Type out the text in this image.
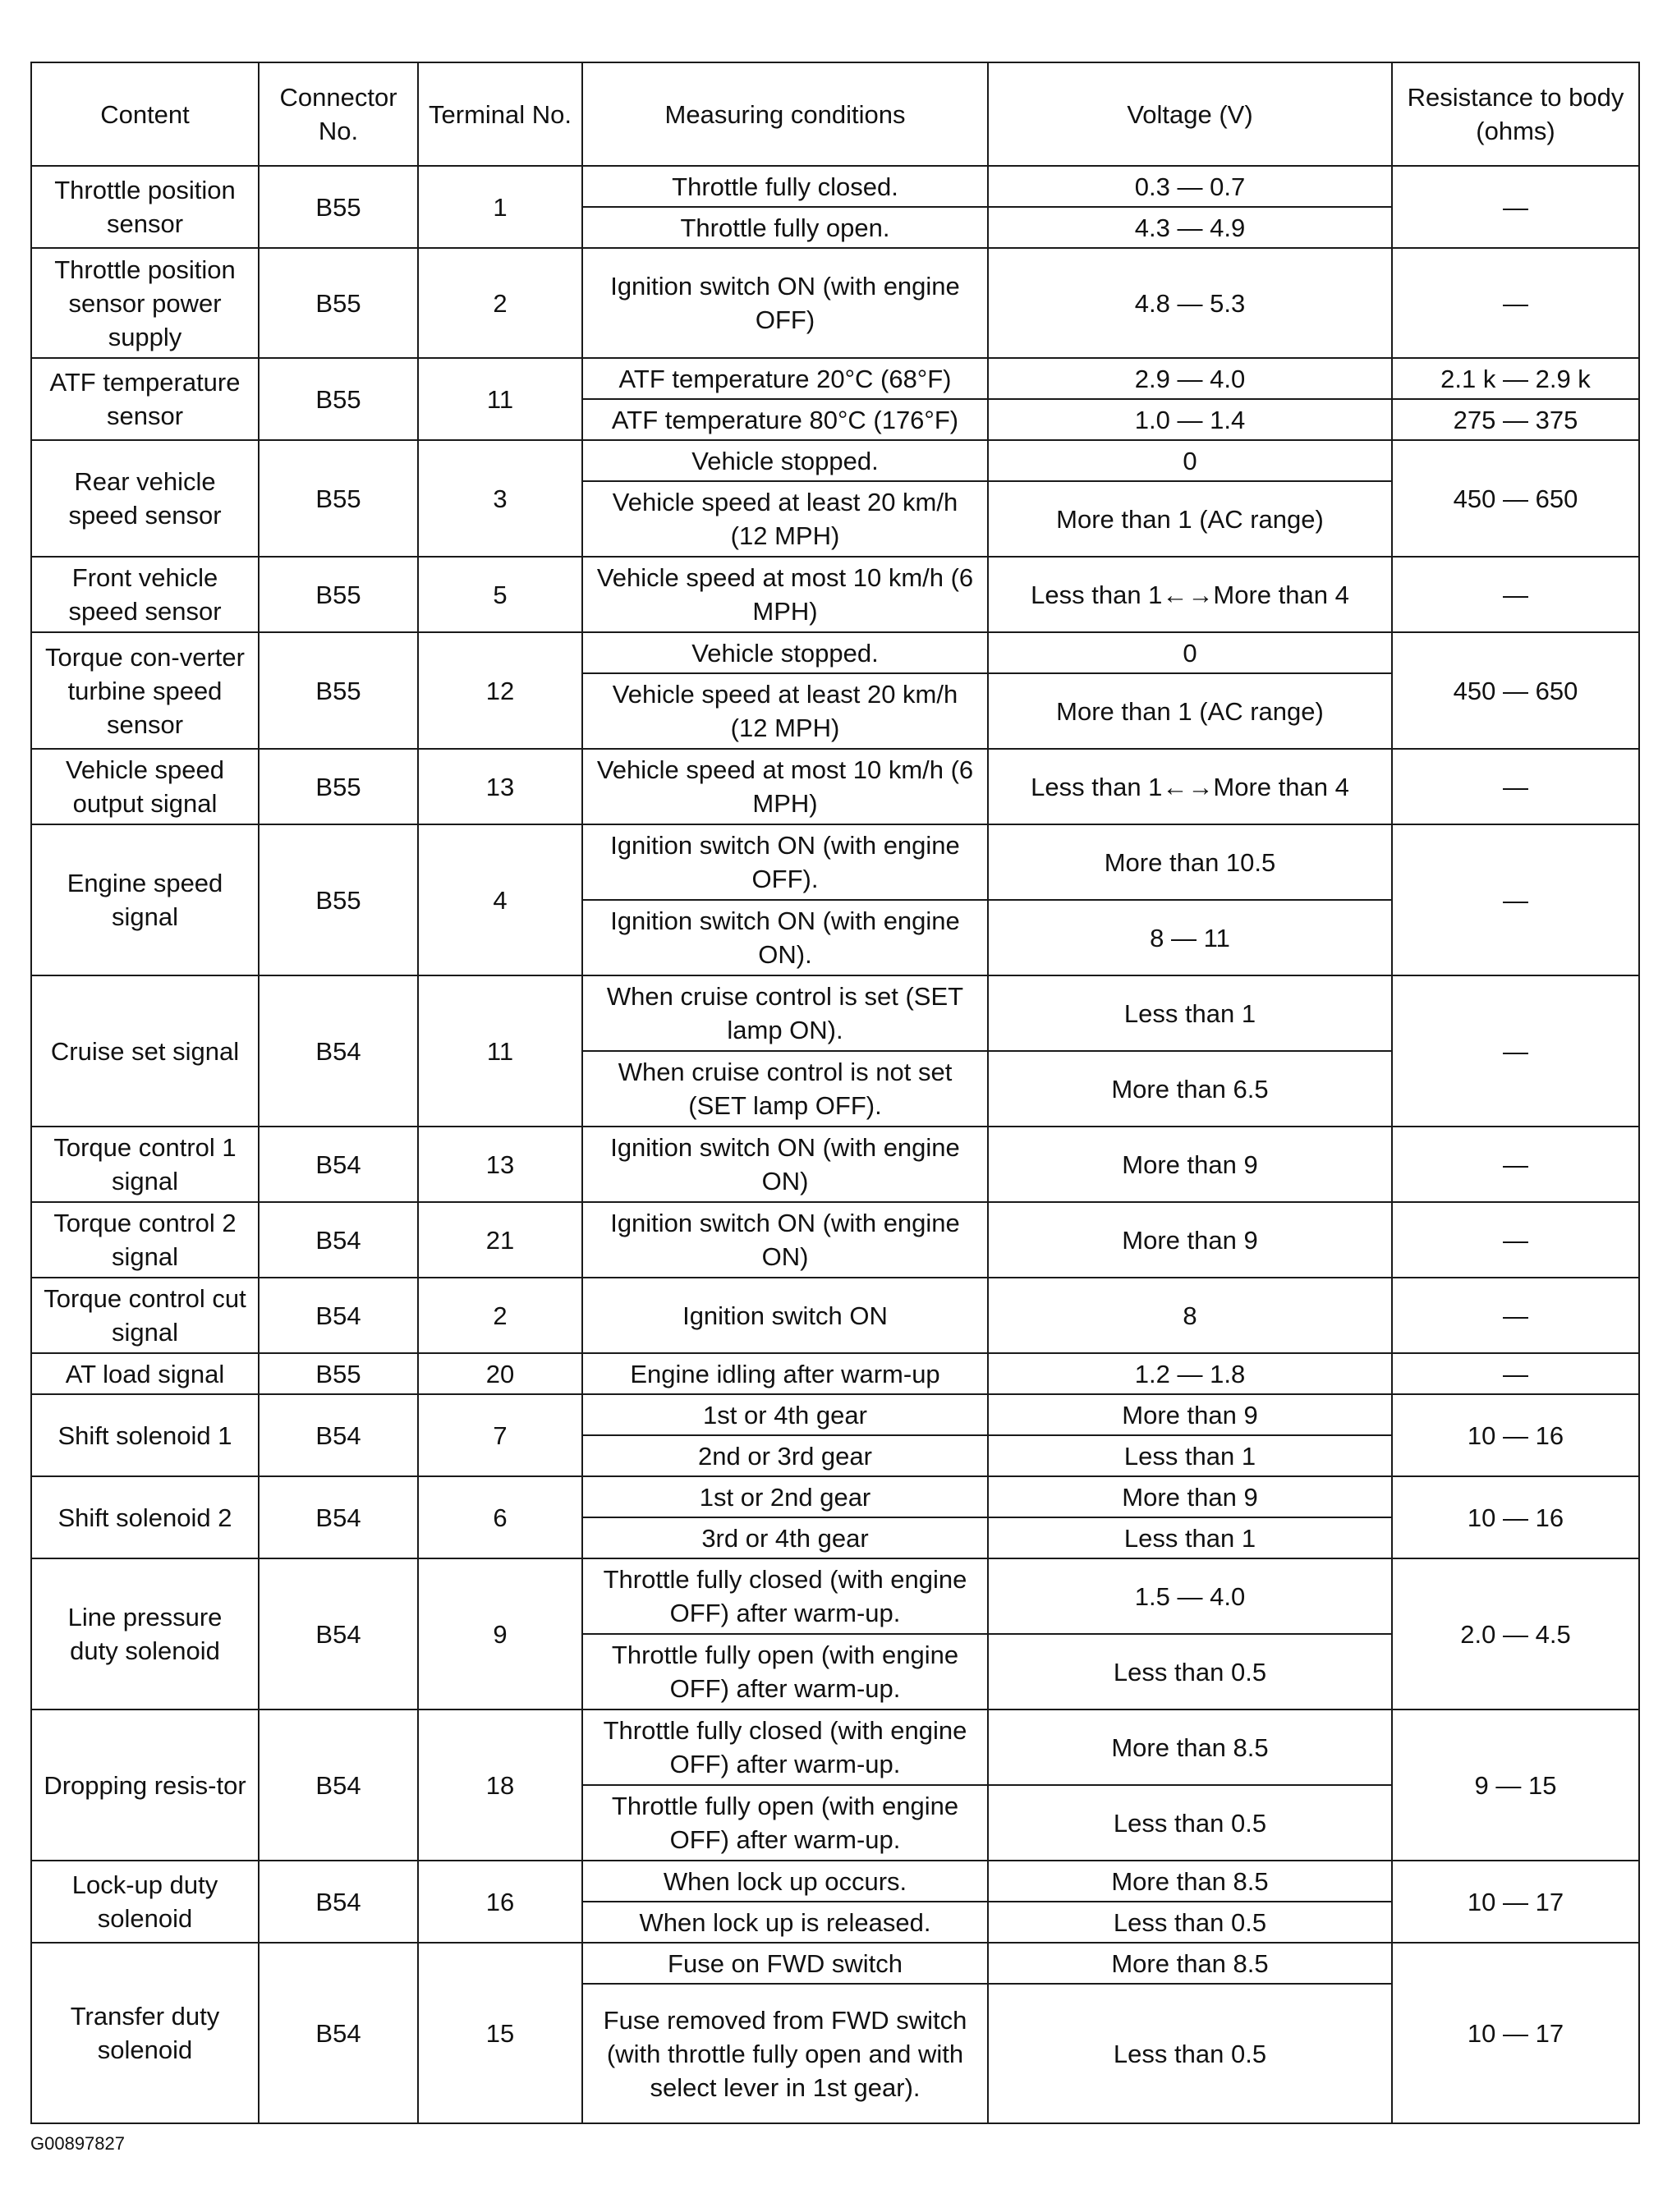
Content	Connector No.	Terminal No.	Measuring conditions	Voltage (V)	Resistance to body (ohms)
Throttle position sensor	B55	1	Throttle fully closed.	0.3 — 0.7	—
			Throttle fully open.	4.3 — 4.9	
Throttle position sensor power supply	B55	2	Ignition switch ON (with engine OFF)	4.8 — 5.3	—
ATF temperature sensor	B55	11	ATF temperature 20°C (68°F)	2.9 — 4.0	2.1 k — 2.9 k
			ATF temperature 80°C (176°F)	1.0 — 1.4	275 — 375
Rear vehicle speed sensor	B55	3	Vehicle stopped.	0	450 — 650
			Vehicle speed at least 20 km/h (12 MPH)	More than 1 (AC range)	
Front vehicle speed sensor	B55	5	Vehicle speed at most 10 km/h (6 MPH)	Less than 1←→More than 4	—
Torque con-verter turbine speed sensor	B55	12	Vehicle stopped.	0	450 — 650
			Vehicle speed at least 20 km/h (12 MPH)	More than 1 (AC range)	
Vehicle speed output signal	B55	13	Vehicle speed at most 10 km/h (6 MPH)	Less than 1←→More than 4	—
Engine speed signal	B55	4	Ignition switch ON (with engine OFF).	More than 10.5	—
			Ignition switch ON (with engine ON).	8 — 11	
Cruise set signal	B54	11	When cruise control is set (SET lamp ON).	Less than 1	—
			When cruise control is not set (SET lamp OFF).	More than 6.5	
Torque control 1 signal	B54	13	Ignition switch ON (with engine ON)	More than 9	—
Torque control 2 signal	B54	21	Ignition switch ON (with engine ON)	More than 9	—
Torque control cut signal	B54	2	Ignition switch ON	8	—
AT load signal	B55	20	Engine idling after warm-up	1.2 — 1.8	—
Shift solenoid 1	B54	7	1st or 4th gear	More than 9	10 — 16
			2nd or 3rd gear	Less than 1	
Shift solenoid 2	B54	6	1st or 2nd gear	More than 9	10 — 16
			3rd or 4th gear	Less than 1	
Line pressure duty solenoid	B54	9	Throttle fully closed (with engine OFF) after warm-up.	1.5 — 4.0	2.0 — 4.5
			Throttle fully open (with engine OFF) after warm-up.	Less than 0.5	
Dropping resis-tor	B54	18	Throttle fully closed (with engine OFF) after warm-up.	More than 8.5	9 — 15
			Throttle fully open (with engine OFF) after warm-up.	Less than 0.5	
Lock-up duty solenoid	B54	16	When lock up occurs.	More than 8.5	10 — 17
			When lock up is released.	Less than 0.5	
Transfer duty solenoid	B54	15	Fuse on FWD switch	More than 8.5	10 — 17
			Fuse removed from FWD switch (with throttle fully open and with select lever in 1st gear).	Less than 0.5	
G00897827
